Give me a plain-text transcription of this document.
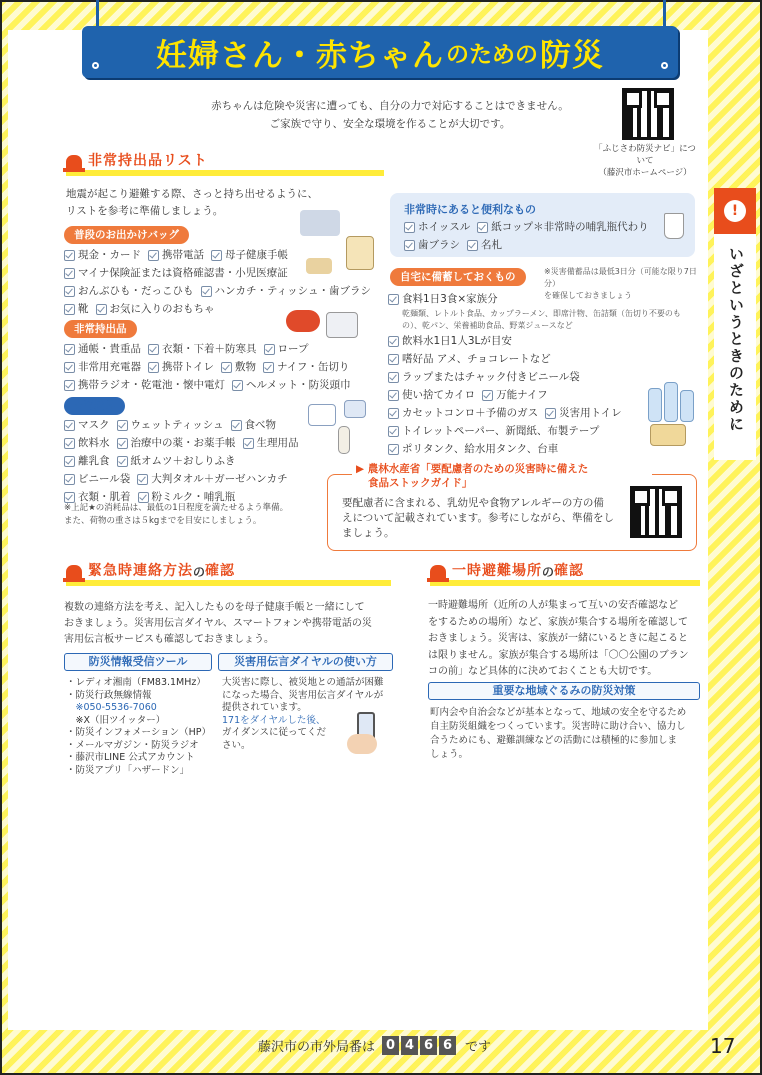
妊婦さん・赤ちゃん のための 防災
赤ちゃんは危険や災害に遭っても、自分の力で対応することはできません。
ご家族で守り、安全な環境を作ることが大切です。
「ふじさわ防災ナビ」について
（藤沢市ホームページ）
非常持出品リスト
地震が起こり避難する際、さっと持ち出せるように、
リストを参考に準備しましょう。
普段のお出かけバッグ
現金・カード 携帯電話 母子健康手帳
マイナ保険証または資格確認書・小児医療証
おんぶひも・だっこひも ハンカチ・ティッシュ・歯ブラシ
靴 お気に入りのおもちゃ
非常持出品
通帳・貴重品 衣類・下着＋防寒具 ロープ
非常用充電器 携帯トイレ 敷物 ナイフ・缶切り
携帯ラジオ・乾電池・懐中電灯 ヘルメット・防災頭巾
★消耗品
マスク ウェットティッシュ 食べ物
飲料水 治療中の薬・お薬手帳 生理用品
離乳食 紙オムツ＋おしりふき
ビニール袋 大判タオル＋ガーゼハンカチ
衣類・肌着 粉ミルク・哺乳瓶
※上記★の消耗品は、最低の1日程度を満たせるよう準備。
また、荷物の重さは５kgまでを目安にしましょう。
非常時にあると便利なもの
ホイッスル 紙コップ＊非常時の哺乳瓶代わり
歯ブラシ 名札
自宅に備蓄しておくもの	※災害備蓄品は最低3日分（可能な限り7日分）
を確保しておきましょう
食料1日3食×家族分
乾麺類、レトルト食品、カップラーメン、即席汁物、缶詰類（缶切り不要のもの）、乾パン、栄養補助食品、野菜ジュースなど
飲料水1日1人3Lが目安
嗜好品 アメ、チョコレートなど
ラップまたはチャック付きビニール袋
使い捨てカイロ 万能ナイフ
カセットコンロ＋予備のガス 災害用トイレ
トイレットペーパー、新聞紙、布製テープ
ポリタンク、給水用タンク、台車
▶ 農林水産省「要配慮者のための災害時に備えた
食品ストックガイド」
要配慮者に含まれる、乳幼児や食物アレルギーの方の備
えについて記載されています。参考にしながら、準備をし
ましょう。
緊急時連絡方法 の 確認
複数の連絡方法を考え、記入したものを母子健康手帳と一緒にして
おきましょう。災害用伝言ダイヤル、スマートフォンや携帯電話の災
害用伝言板サービスも確認しておきましょう。
防災情報受信ツール
・レディオ湘南（FM83.1MHz）
・防災行政無線情報
　※050-5536-7060
　※X（旧ツイッター）
・防災インフォメーション（HP）
・メールマガジン・防災ラジオ
・藤沢市LINE 公式アカウント
・防災アプリ「ハザードン」
災害用伝言ダイヤルの使い方
大災害に際し、被災地との通話が困難
になった場合、災害用伝言ダイヤルが
提供されています。
171をダイヤルした後、
ガイダンスに従ってくだ
さい。
一時避難場所 の 確認
一時避難場所（近所の人が集まって互いの安否確認など
をするための場所）など、家族が集合する場所を確認して
おきましょう。災害は、家族が一緒にいるときに起こると
は限りません。家族が集合する場所は「〇〇公園のブラン
コの前」など具体的に決めておくことも大切です。
重要な地域ぐるみの防災対策
町内会や自治会などが基本となって、地域の安全を守るため
自主防災組織をつくっています。災害時に助け合い、協力し
合うためにも、避難訓練などの活動には積極的に参加しま
しょう。
!
いざというときのために
藤沢市の市外局番は 0 4 6 6 です	17
